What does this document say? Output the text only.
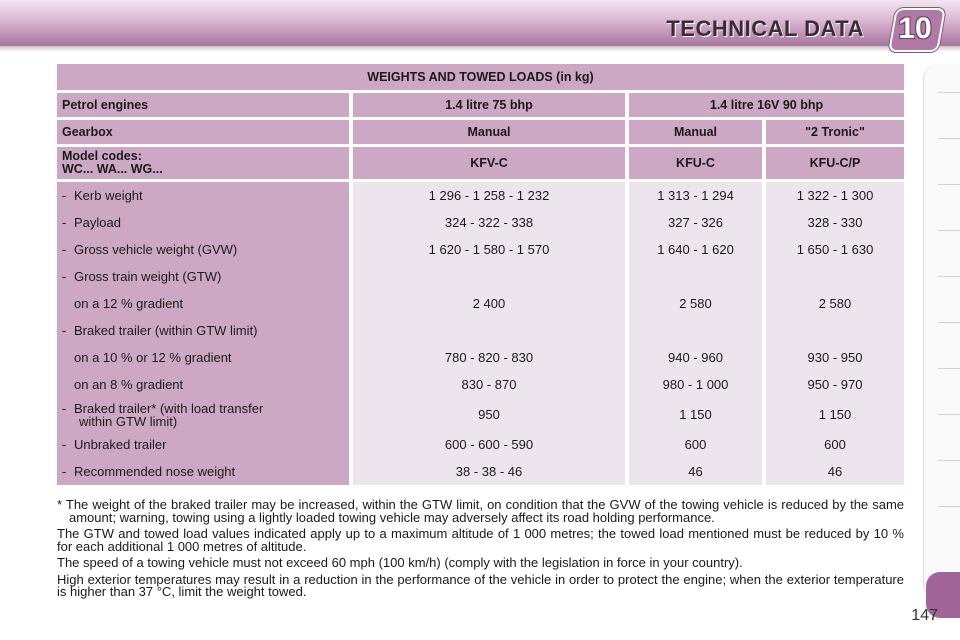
TECHNICAL DATA 10
WEIGHTS AND TOWED LOADS (in kg)			

Petrol engines	1.4 litre 75 bhp	1.4 litre 16V 90 bhp	

Gearbox	Manual	Manual	"2 Tronic"

Model codes:
WC... WA... WG...	KFV-C	KFU-C	KFU-C/P

- Kerb weight	1 296 - 1 258 - 1 232	1 313 - 1 294	1 322 - 1 300
- Payload	324 - 322 - 338	327 - 326	328 - 330
- Gross vehicle weight (GVW)	1 620 - 1 580 - 1 570	1 640 - 1 620	1 650 - 1 630
- Gross train weight (GTW)			
on a 12 % gradient	2 400	2 580	2 580
- Braked trailer (within GTW limit)			
on a 10 % or 12 % gradient	780 - 820 - 830	940 - 960	930 - 950
on an 8 % gradient	830 - 870	980 - 1 000	950 - 970
- Braked trailer* (with load transfer
within GTW limit)	950	1 150	1 150
- Unbraked trailer	600 - 600 - 590	600	600
- Recommended nose weight	38 - 38 - 46	46	46

* The weight of the braked trailer may be increased, within the GTW limit, on condition that the GVW of the towing vehicle is reduced by the same amount; warning, towing using a lightly loaded towing vehicle may adversely affect its road holding performance.

The GTW and towed load values indicated apply up to a maximum altitude of 1 000 metres; the towed load mentioned must be reduced by 10 % for each additional 1 000 metres of altitude.

The speed of a towing vehicle must not exceed 60 mph (100 km/h) (comply with the legislation in force in your country).

High exterior temperatures may result in a reduction in the performance of the vehicle in order to protect the engine; when the exterior temperature is higher than 37 °C, limit the weight towed.

147
